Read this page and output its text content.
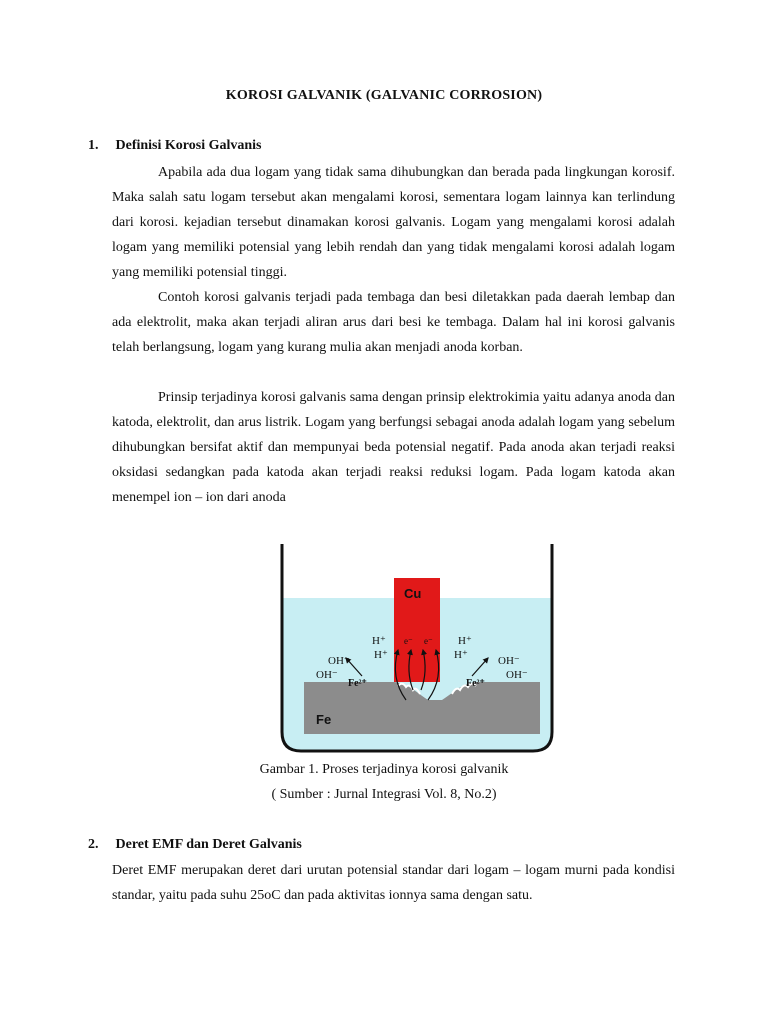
KOROSI GALVANIK (GALVANIC CORROSION)
1. Definisi Korosi Galvanis

Apabila ada dua logam yang tidak sama dihubungkan dan berada pada lingkungan korosif. Maka salah satu logam tersebut akan mengalami korosi, sementara logam lainnya kan terlindung dari korosi. kejadian tersebut dinamakan korosi galvanis. Logam yang mengalami korosi adalah logam yang memiliki potensial yang lebih rendah dan yang tidak mengalami korosi adalah logam yang memiliki potensial tinggi.

Contoh korosi galvanis terjadi pada tembaga dan besi diletakkan pada daerah lembap dan ada elektrolit, maka akan terjadi aliran arus dari besi ke tembaga. Dalam hal ini korosi galvanis telah berlangsung, logam yang kurang mulia akan menjadi anoda korban.

Prinsip terjadinya korosi galvanis sama dengan prinsip elektrokimia yaitu adanya anoda dan katoda, elektrolit, dan arus listrik. Logam yang berfungsi sebagai anoda adalah logam yang sebelum dihubungkan bersifat aktif dan mempunyai beda potensial negatif. Pada anoda akan terjadi reaksi oksidasi sedangkan pada katoda akan terjadi reaksi reduksi logam. Pada logam katoda akan menempel ion – ion dari anoda

Cu
Fe
H⁺
H⁺
OH⁻
OH⁻
Fe²⁺
H⁺
H⁺	OH⁻
OH⁻
Fe²⁺
e⁻ e⁻
Gambar 1. Proses terjadinya korosi galvanik
( Sumber : Jurnal Integrasi Vol. 8, No.2)
2. Deret EMF dan Deret Galvanis

Deret EMF merupakan deret dari urutan potensial standar dari logam – logam murni pada kondisi standar, yaitu pada suhu 25oC dan pada aktivitas ionnya sama dengan satu.
